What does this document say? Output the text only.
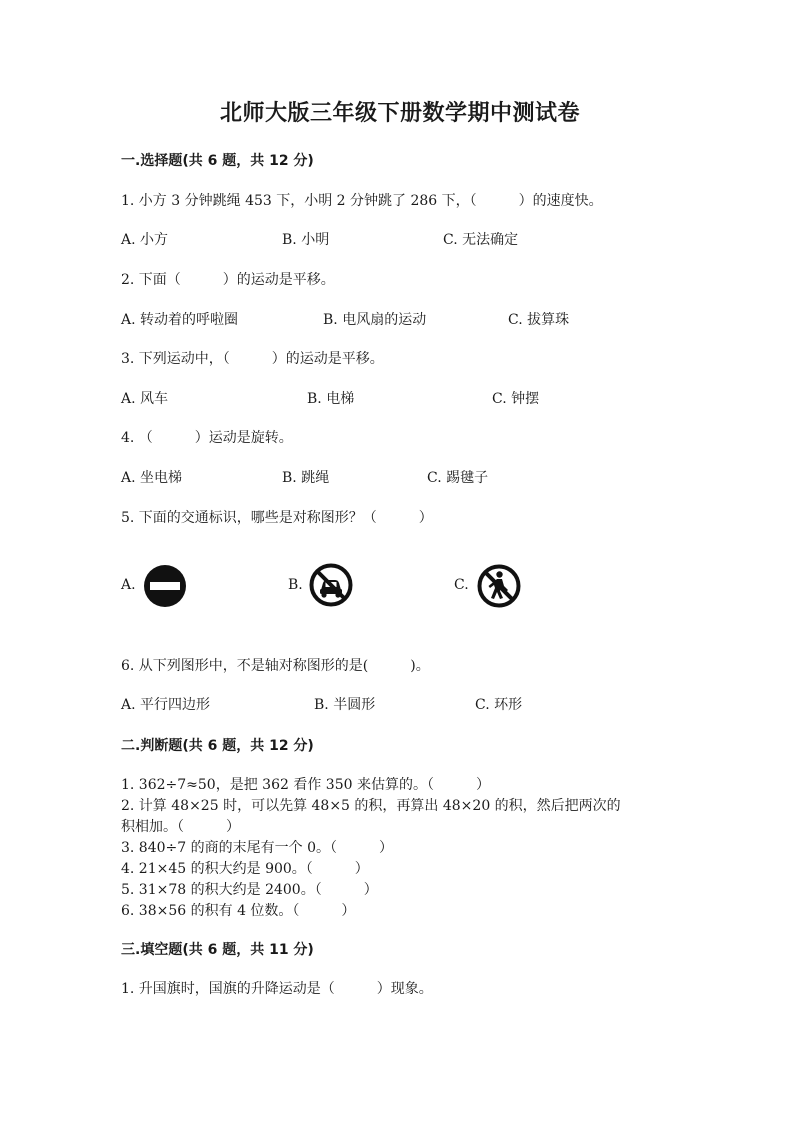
北师大版三年级下册数学期中测试卷
一.选择题(共 6 题，共 12 分)
1. 小方 3 分钟跳绳 453 下，小明 2 分钟跳了 286 下，（　　　）的速度快。
A. 小方	B. 小明	C. 无法确定
2. 下面（　　　）的运动是平移。
A. 转动着的呼啦圈	B. 电风扇的运动	C. 拔算珠
3. 下列运动中，（　　　）的运动是平移。
A. 风车	B. 电梯	C. 钟摆
4. （　　　）运动是旋转。
A. 坐电梯	B. 跳绳	C. 踢毽子
5. 下面的交通标识，哪些是对称图形？（　　　）
A.	B.	C.
6. 从下列图形中，不是轴对称图形的是(　　　)。
A. 平行四边形	B. 半圆形	C. 环形
二.判断题(共 6 题，共 12 分)
1. 362÷7≈50，是把 362 看作 350 来估算的。（　　　）
2. 计算 48×25 时，可以先算 48×5 的积，再算出 48×20 的积，然后把两次的
积相加。（　　　）
3. 840÷7 的商的末尾有一个 0。（　　　）
4. 21×45 的积大约是 900。（　　　）
5. 31×78 的积大约是 2400。（　　　）
6. 38×56 的积有 4 位数。（　　　）
三.填空题(共 6 题，共 11 分)
1. 升国旗时，国旗的升降运动是（　　　）现象。
